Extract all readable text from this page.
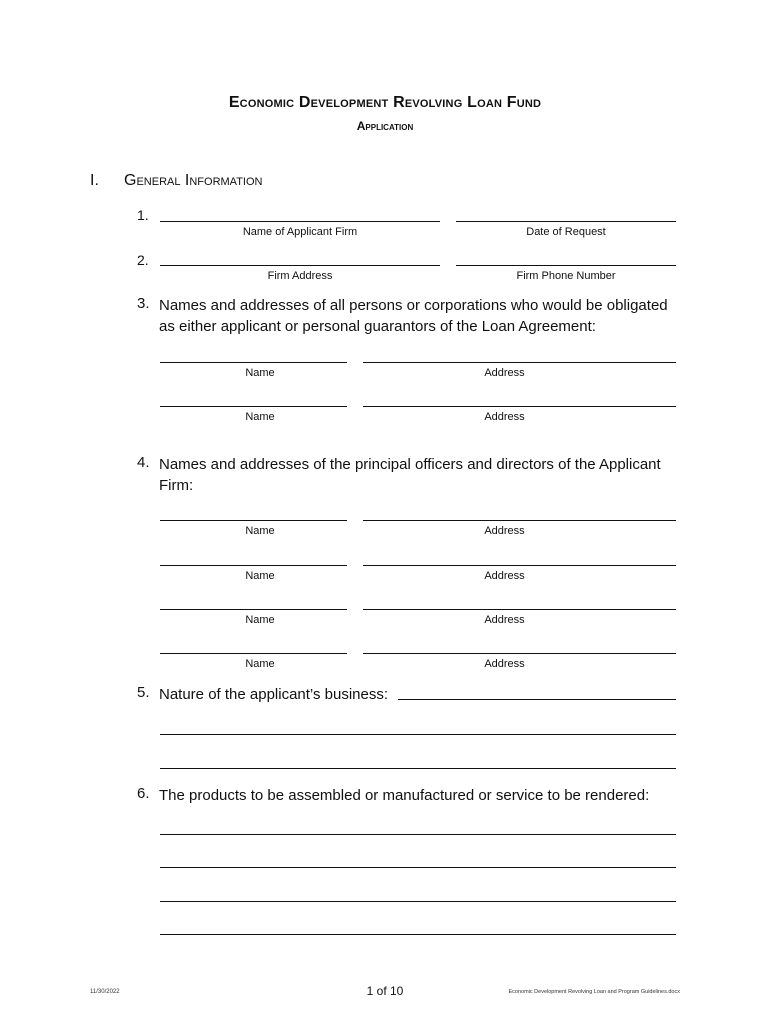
Economic Development Revolving Loan Fund
Application
I. General Information
1.
Name of Applicant Firm	Date of Request
2.
Firm Address	Firm Phone Number
3. Names and addresses of all persons or corporations who would be obligated as either applicant or personal guarantors of the Loan Agreement:
Name	Address
Name	Address
4. Names and addresses of the principal officers and directors of the Applicant Firm:
Name	Address
Name	Address
Name	Address
Name	Address
5. Nature of the applicant’s business:
6. The products to be assembled or manufactured or service to be rendered:
11/30/2022	1 of 10	Economic Development Revolving Loan and Program Guidelines.docx
